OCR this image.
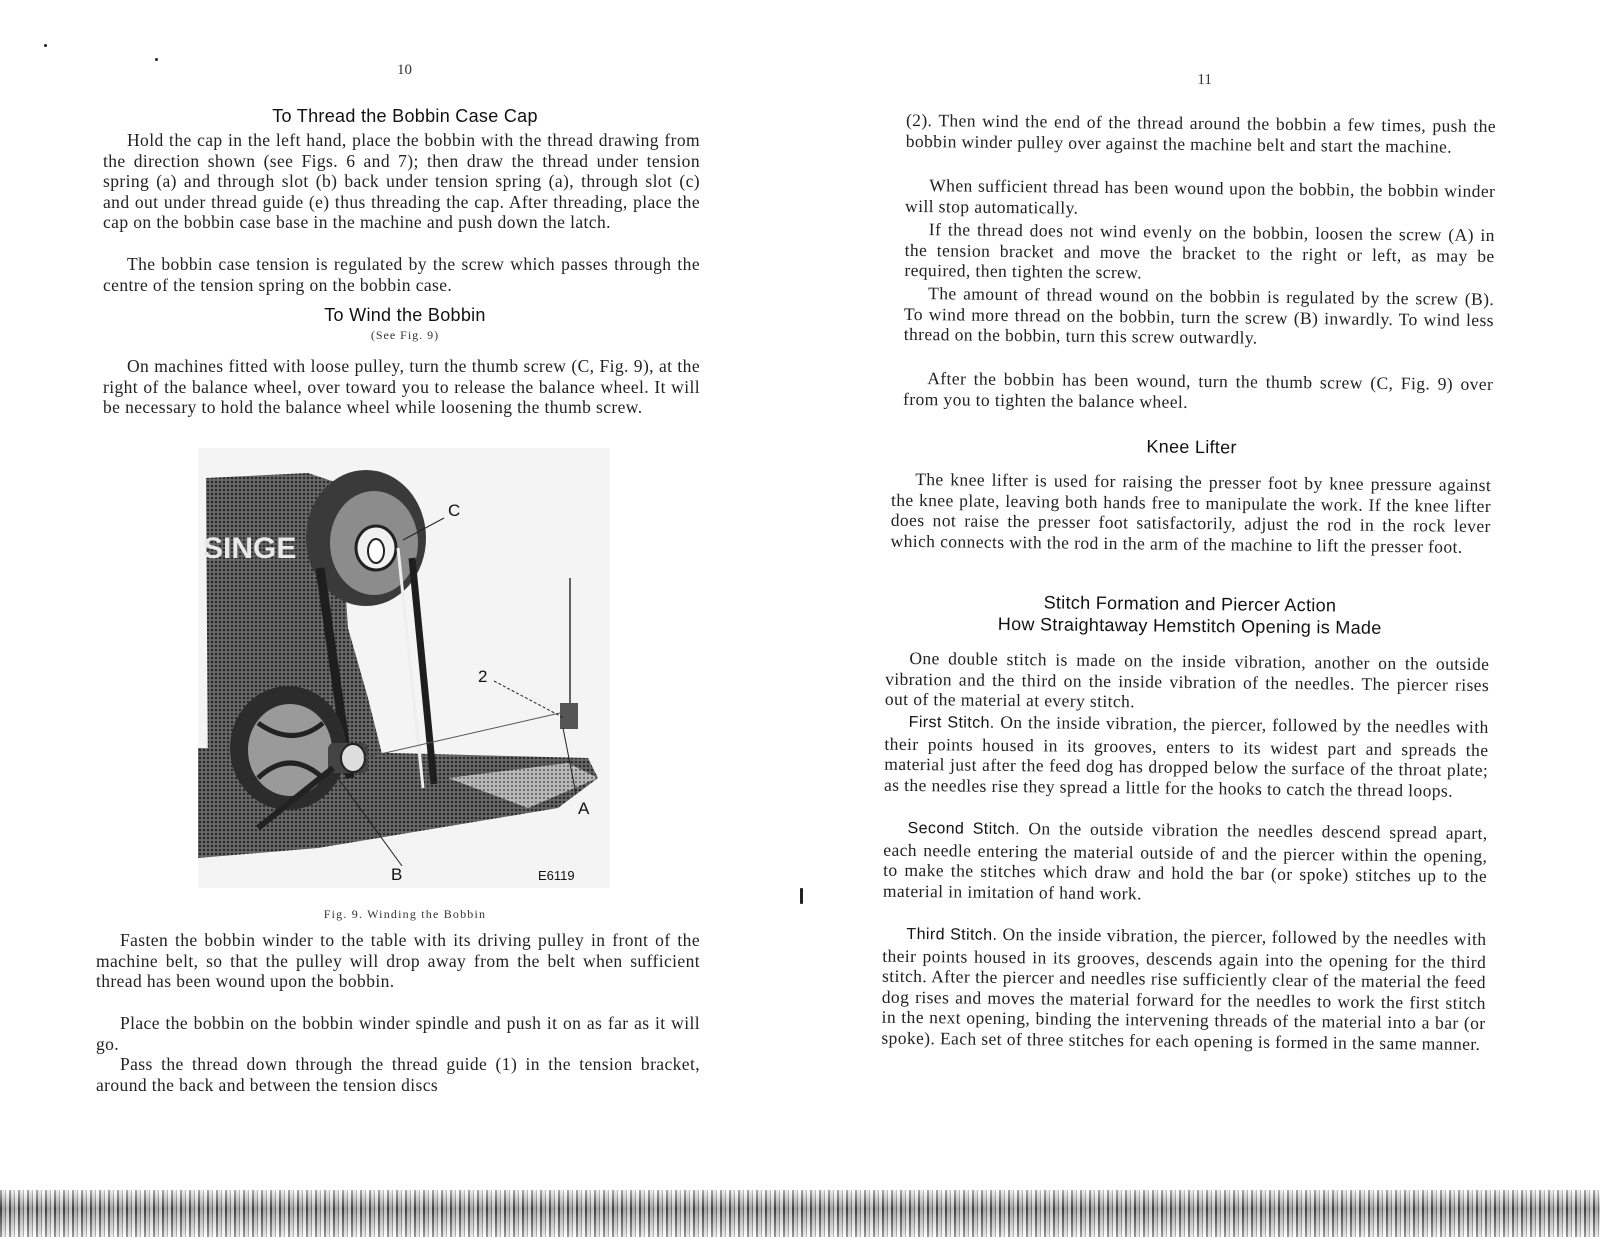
10
To Thread the Bobbin Case Cap

Hold the cap in the left hand, place the bobbin with the thread drawing from the direction shown (see Figs. 6 and 7); then draw the thread under tension spring (a) and through slot (b) back under tension spring (a), through slot (c) and out under thread guide (e) thus threading the cap. After threading, place the cap on the bobbin case base in the machine and push down the latch.

The bobbin case tension is regulated by the screw which passes through the centre of the tension spring on the bobbin case.

To Wind the Bobbin
(See Fig. 9)

On machines fitted with loose pulley, turn the thumb screw (C, Fig. 9), at the right of the balance wheel, over toward you to release the balance wheel. It will be necessary to hold the balance wheel while loosening the thumb screw.

SINGE
C
2
A
B	E6119
Fig. 9. Winding the Bobbin

Fasten the bobbin winder to the table with its driving pulley in front of the machine belt, so that the pulley will drop away from the belt when sufficient thread has been wound upon the bobbin.

Place the bobbin on the bobbin winder spindle and push it on as far as it will go.

Pass the thread down through the thread guide (1) in the tension bracket, around the back and between the tension discs

11

(2). Then wind the end of the thread around the bobbin a few times, push the bobbin winder pulley over against the machine belt and start the machine.

When sufficient thread has been wound upon the bobbin, the bobbin winder will stop automatically.

If the thread does not wind evenly on the bobbin, loosen the screw (A) in the tension bracket and move the bracket to the right or left, as may be required, then tighten the screw.

The amount of thread wound on the bobbin is regulated by the screw (B). To wind more thread on the bobbin, turn the screw (B) inwardly. To wind less thread on the bobbin, turn this screw outwardly.

After the bobbin has been wound, turn the thumb screw (C, Fig. 9) over from you to tighten the balance wheel.

Knee Lifter

The knee lifter is used for raising the presser foot by knee pressure against the knee plate, leaving both hands free to manipulate the work. If the knee lifter does not raise the presser foot satisfactorily, adjust the rod in the rock lever which connects with the rod in the arm of the machine to lift the presser foot.

Stitch Formation and Piercer Action
How Straightaway Hemstitch Opening is Made

One double stitch is made on the inside vibration, another on the outside vibration and the third on the inside vibration of the needles. The piercer rises out of the material at every stitch.

First Stitch. On the inside vibration, the piercer, followed by the needles with their points housed in its grooves, enters to its widest part and spreads the material just after the feed dog has dropped below the surface of the throat plate; as the needles rise they spread a little for the hooks to catch the thread loops.

Second Stitch. On the outside vibration the needles descend spread apart, each needle entering the material outside of and the piercer within the opening, to make the stitches which draw and hold the bar (or spoke) stitches up to the material in imitation of hand work.

Third Stitch. On the inside vibration, the piercer, followed by the needles with their points housed in its grooves, descends again into the opening for the third stitch. After the piercer and needles rise sufficiently clear of the material the feed dog rises and moves the material forward for the needles to work the first stitch in the next opening, binding the intervening threads of the material into a bar (or spoke). Each set of three stitches for each opening is formed in the same manner.
